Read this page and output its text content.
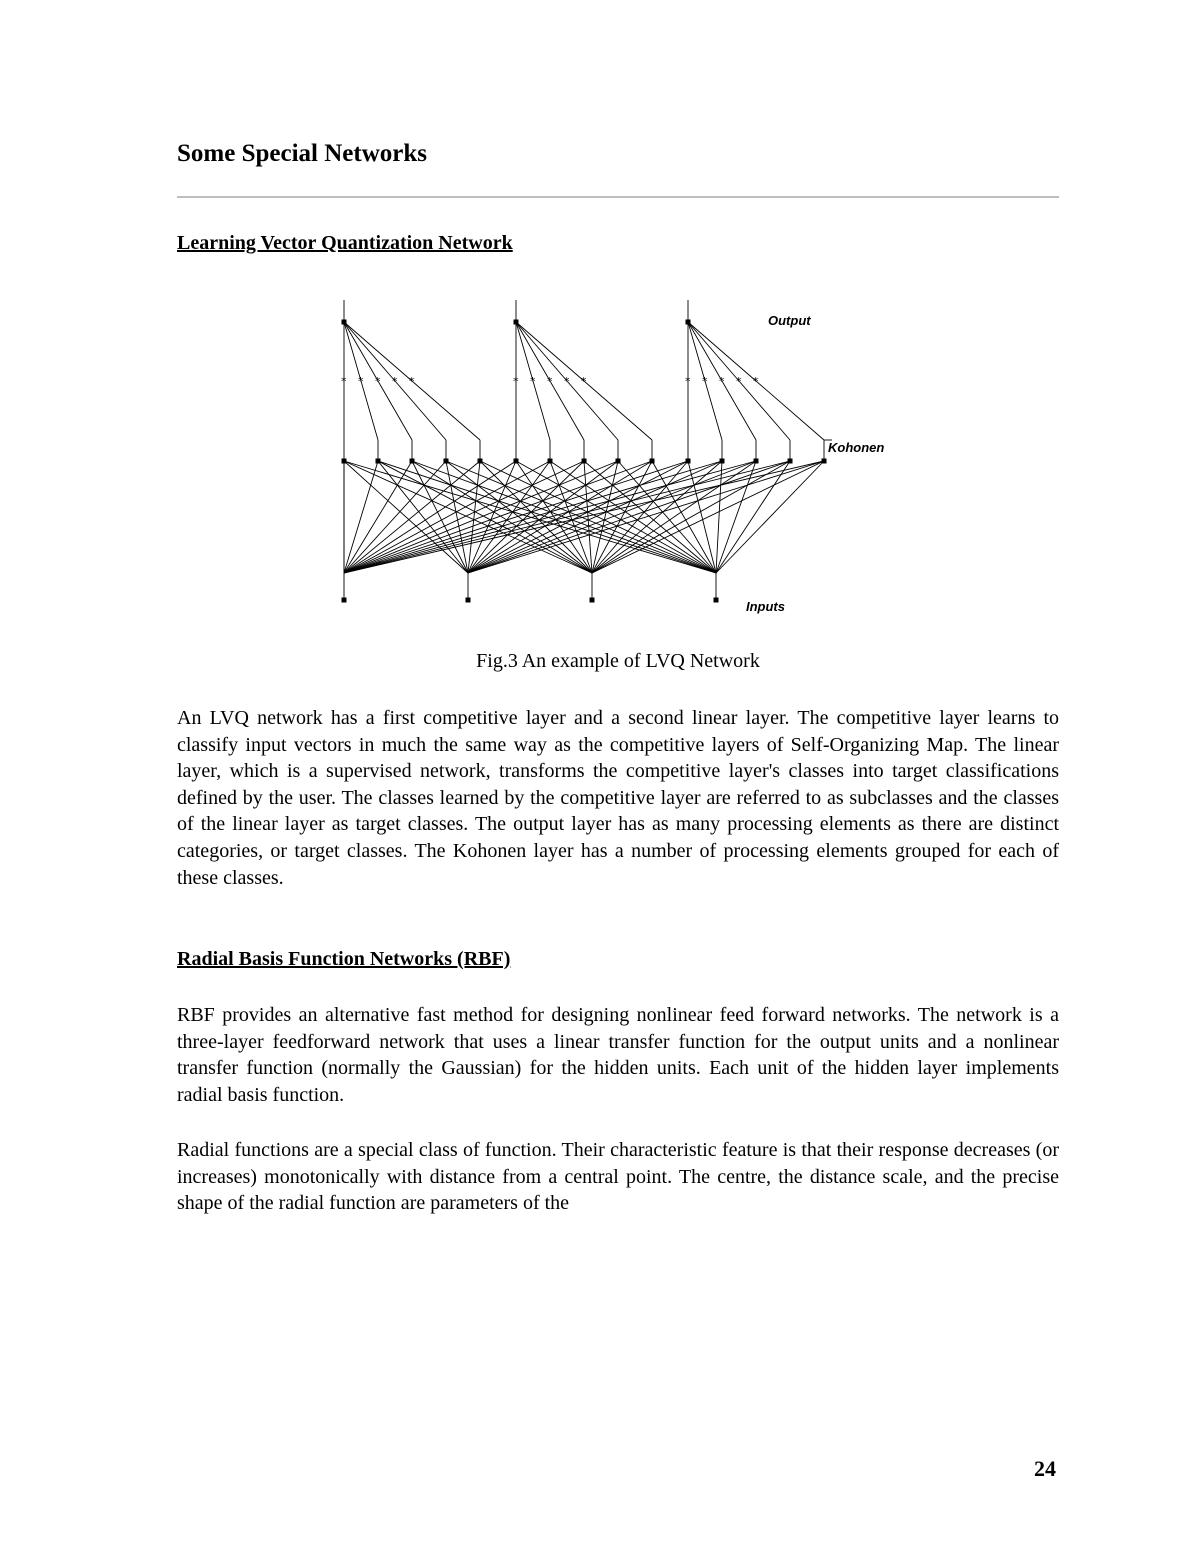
Some Special Networks
Learning Vector Quantization Network
* * * * *	* * * * *	* * * * *
Output
Kohonen
Inputs
Fig.3 An example of LVQ Network

An LVQ network has a first competitive layer and a second linear layer. The competitive layer learns to classify input vectors in much the same way as the competitive layers of Self-Organizing Map. The linear layer, which is a supervised network, transforms the competitive layer's classes into target classifications defined by the user. The classes learned by the competitive layer are referred to as subclasses and the classes of the linear layer as target classes. The output layer has as many processing elements as there are distinct categories, or target classes. The Kohonen layer has a number of processing elements grouped for each of these classes.

Radial Basis Function Networks (RBF)

RBF provides an alternative fast method for designing nonlinear feed forward networks. The network is a three-layer feedforward network that uses a linear transfer function for the output units and a nonlinear transfer function (normally the Gaussian) for the hidden units. Each unit of the hidden layer implements radial basis function.

Radial functions are a special class of function. Their characteristic feature is that their response decreases (or increases) monotonically with distance from a central point. The centre, the distance scale, and the precise shape of the radial function are parameters of the

24
